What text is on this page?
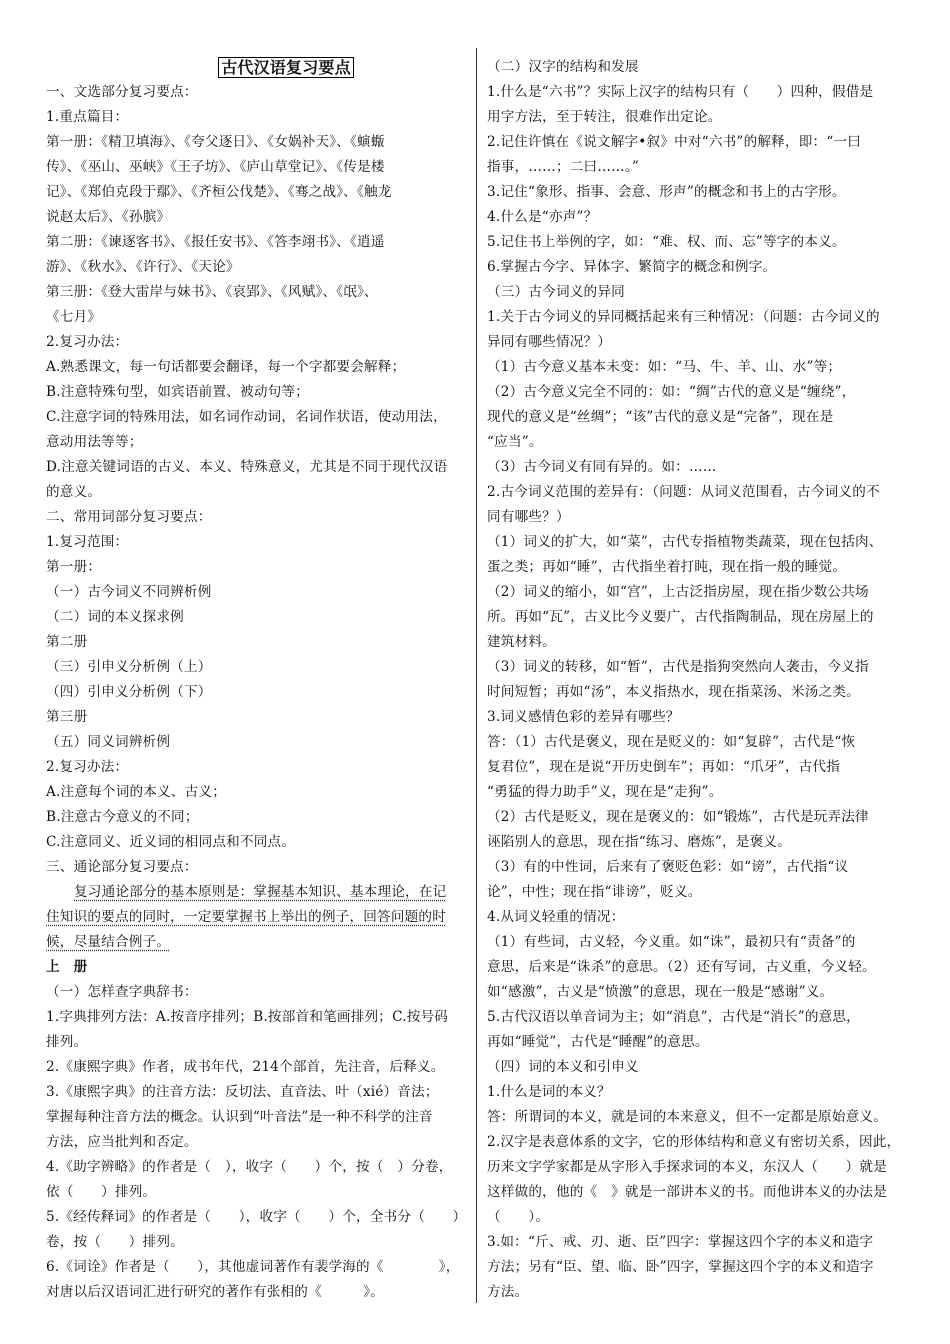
古代汉语复习要点

一、文选部分复习要点：

1.重点篇目：

第一册：《精卫填海》、《夸父逐日》、《女娲补天》、《螾蝂

传》、《巫山、巫峡》《王子坊》、《庐山草堂记》、《传是楼

记》、《郑伯克段于鄢》、《齐桓公伐楚》、《骞之战》、《触龙

说赵太后》、《孙膑》

第二册：《谏逐客书》、《报任安书》、《答李翊书》、《逍遥

游》、《秋水》、《许行》、《天论》

第三册：《登大雷岸与妹书》、《哀郢》、《风赋》、《氓》、

《七月》

2.复习办法：

A.熟悉课文，每一句话都要会翻译，每一个字都要会解释；

B.注意特殊句型，如宾语前置、被动句等；

C.注意字词的特殊用法，如名词作动词，名词作状语，使动用法，

意动用法等等；

D.注意关键词语的古义、本义、特殊意义，尤其是不同于现代汉语

的意义。

二、常用词部分复习要点：

1.复习范围：

第一册：

（一）古今词义不同辨析例

（二）词的本义探求例

第二册

（三）引申义分析例（上）

（四）引申义分析例（下）

第三册

（五）同义词辨析例

2.复习办法：

A.注意每个词的本义、古义；

B.注意古今意义的不同；

C.注意同义、近义词的相同点和不同点。

三、通论部分复习要点：

复习通论部分的基本原则是：掌握基本知识、基本理论，在记

住知识的要点的同时，一定要掌握书上举出的例子，回答问题的时

候，尽量结合例子。

上　册

（一）怎样查字典辞书：

1.字典排列方法：A.按音序排列；B.按部首和笔画排列；C.按号码

排列。

2.《康熙字典》作者，成书年代，214个部首，先注音，后释义。

3.《康熙字典》的注音方法：反切法、直音法、叶（xié）音法；

掌握每种注音方法的概念。认识到“叶音法”是一种不科学的注音

方法，应当批判和否定。

4.《助字辨略》的作者是（　），收字（　　）个，按（　）分卷，

依（　　）排列。

5.《经传释词》的作者是（　　），收字（　　）个，全书分（　　）

卷，按（　　）排列。

6.《词诠》作者是（　　），其他虚词著作有裴学海的《　　　　》，

对唐以后汉语词汇进行研究的著作有张相的《　　　》。

（二）汉字的结构和发展

1.什么是“六书”？实际上汉字的结构只有（　　）四种，假借是

用字方法，至于转注，很难作出定论。

2.记住许慎在《说文解字•叙》中对“六书”的解释，即：“一曰

指事，……；二曰……。”

3.记住“象形、指事、会意、形声”的概念和书上的古字形。

4.什么是“亦声”？

5.记住书上举例的字，如：“难、权、而、忘”等字的本义。

6.掌握古今字、异体字、繁简字的概念和例字。

（三）古今词义的异同

1.关于古今词义的异同概括起来有三种情况：（问题：古今词义的

异同有哪些情况？）

（1）古今意义基本未变：如：“马、牛、羊、山、水”等；

（2）古今意义完全不同的：如：“绸”古代的意义是“缠绕”，

现代的意义是“丝绸”；“该”古代的意义是“完备”，现在是

“应当”。

（3）古今词义有同有异的。如：……

2.古今词义范围的差异有：（问题：从词义范围看，古今词义的不

同有哪些？）

（1）词义的扩大，如“菜”，古代专指植物类蔬菜，现在包括肉、

蛋之类；再如“睡”，古代指坐着打盹，现在指一般的睡觉。

（2）词义的缩小，如“宫”，上古泛指房屋，现在指少数公共场

所。再如“瓦”，古义比今义要广，古代指陶制品，现在房屋上的

建筑材料。

（3）词义的转移，如“暂”，古代是指狗突然向人袭击，今义指

时间短暂；再如“汤”，本义指热水，现在指菜汤、米汤之类。

3.词义感情色彩的差异有哪些？

答：（1）古代是褒义，现在是贬义的：如“复辟”，古代是“恢

复君位”，现在是说“开历史倒车”；再如：“爪牙”，古代指

“勇猛的得力助手”义，现在是“走狗”。

（2）古代是贬义，现在是褒义的：如“锻炼”，古代是玩弄法律

诬陷别人的意思，现在指“练习、磨炼”，是褒义。

（3）有的中性词，后来有了褒贬色彩：如“谤”，古代指“议

论”，中性；现在指“诽谤”，贬义。

4.从词义轻重的情况：

（1）有些词，古义轻，今义重。如“诛”，最初只有“责备”的

意思，后来是“诛杀”的意思。（2）还有写词，古义重，今义轻。

如“感激”，古义是“愤激”的意思，现在一般是“感谢”义。

5.古代汉语以单音词为主；如“消息”，古代是“消长”的意思，

再如“睡觉”，古代是“睡醒”的意思。

（四）词的本义和引申义

1.什么是词的本义？

答：所谓词的本义，就是词的本来意义，但不一定都是原始意义。

2.汉字是表意体系的文字，它的形体结构和意义有密切关系，因此，

历来文字学家都是从字形入手探求词的本义，东汉人（　　）就是

这样做的，他的《　》就是一部讲本义的书。而他讲本义的办法是

（　　）。

3.如：“斤、戒、刃、逝、臣”四字：掌握这四个字的本义和造字

方法；另有“臣、望、临、卧”四字，掌握这四个字的本义和造字

方法。
